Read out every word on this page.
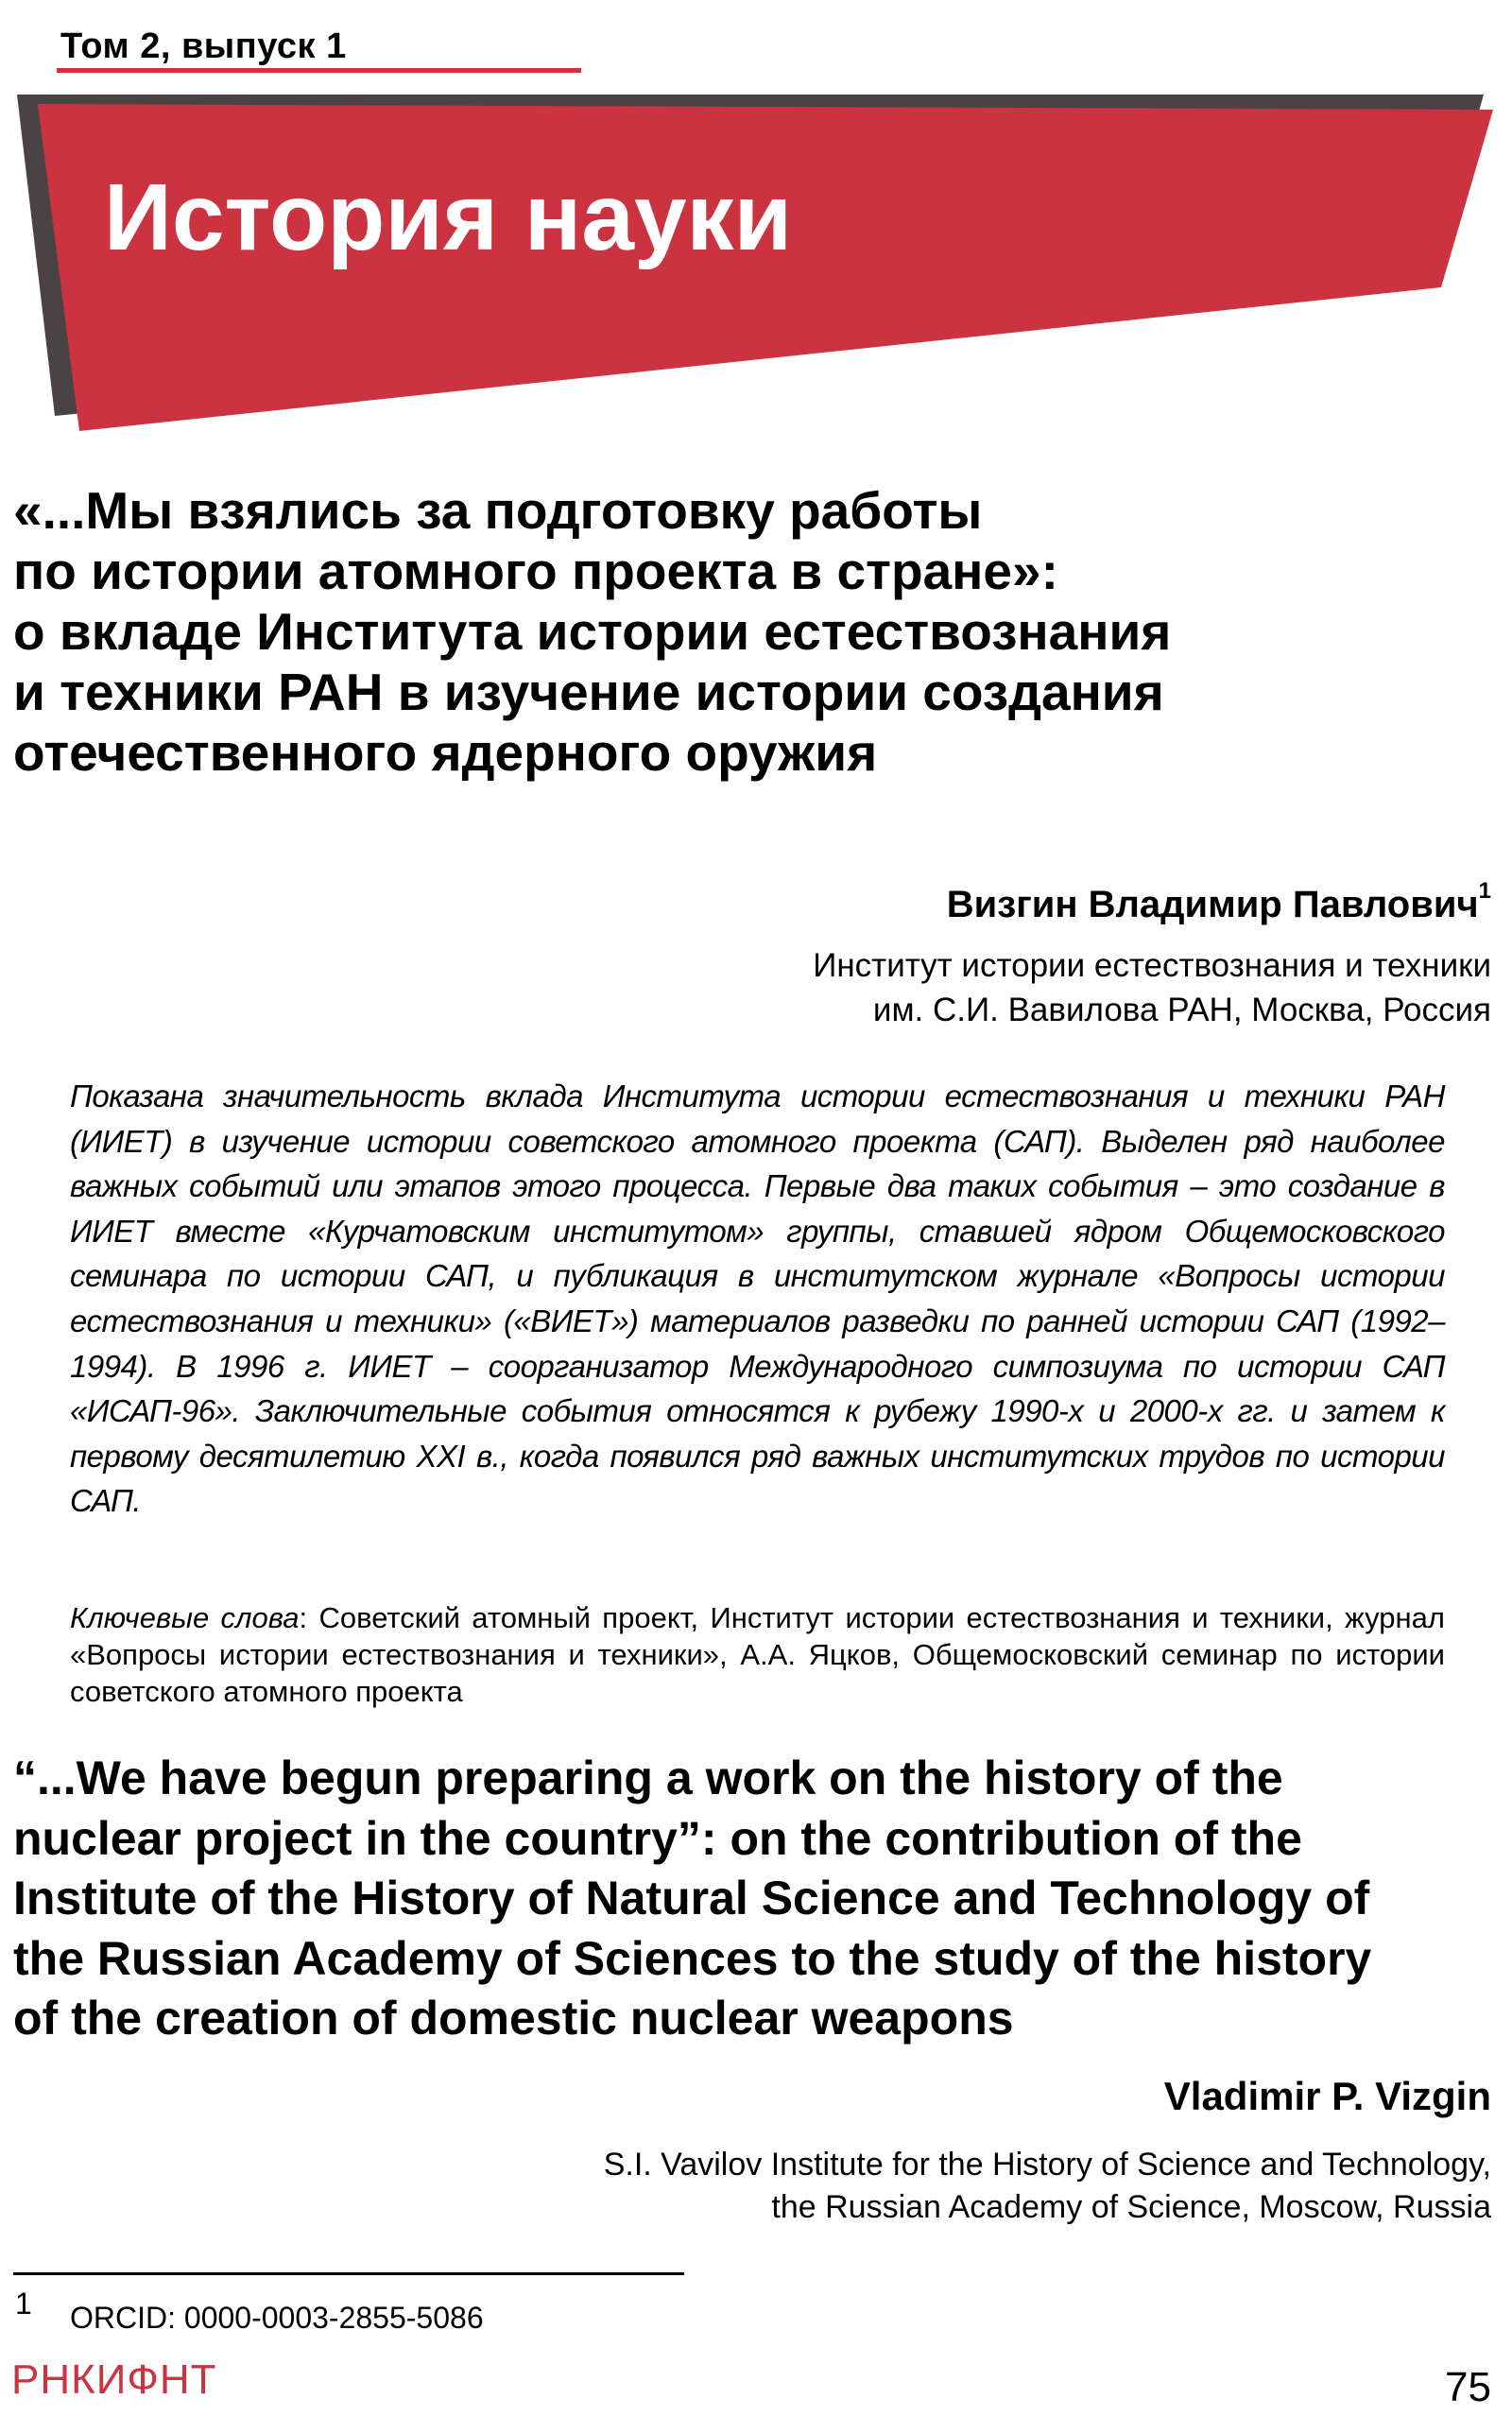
Том 2, выпуск 1
История науки
«...Мы взялись за подготовку работы
по истории атомного проекта в стране»:
о вкладе Института истории естествознания
и техники РАН в изучение истории создания
отечественного ядерного оружия
Визгин Владимир Павлович$^1$
Институт истории естествознания и техники
им. С.И. Вавилова РАН, Москва, Россия
Показана значительность вклада Института истории естествознания и техники РАН (ИИЕТ) в изучение истории советского атомного проекта (САП). Выделен ряд наиболее важных событий или этапов этого процесса. Первые два таких события – это создание в ИИЕТ вместе «Курчатовским институтом» группы, ставшей ядром Общемосковского семинара по истории САП, и публикация в институтском журнале «Вопросы истории естествознания и техники» («ВИЕТ») материалов разведки по ранней истории САП (1992–1994). В 1996 г. ИИЕТ – соорганизатор Международного симпозиума по истории САП «ИСАП-96». Заключительные события относятся к рубежу 1990-х и 2000-х гг. и затем к первому десятилетию XXI в., когда появился ряд важных институтских трудов по истории САП.
Ключевые слова: Советский атомный проект, Институт истории естествознания и техники, журнал «Вопросы истории естествознания и техники», А.А. Яцков, Общемосковский семинар по истории советского атомного проекта
“...We have begun preparing a work on the history of the
nuclear project in the country”: on the contribution of the
Institute of the History of Natural Science and Technology of
the Russian Academy of Sciences to the study of the history
of the creation of domestic nuclear weapons
Vladimir P. Vizgin
S.I. Vavilov Institute for the History of Science and Technology,
the Russian Academy of Science, Moscow, Russia
1 ORCID: 0000-0003-2855-5086
РНКИФНТ	75
